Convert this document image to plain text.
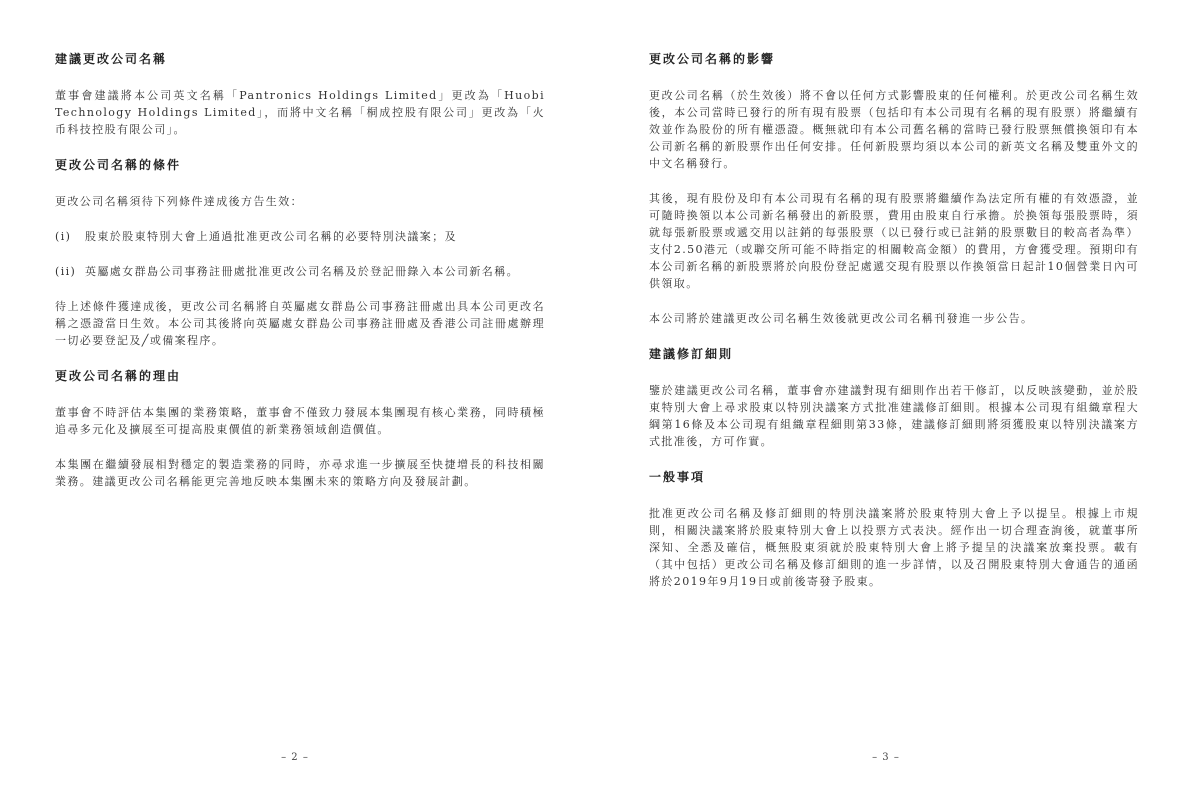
建議更改公司名稱

董事會建議將本公司英文名稱「Pantronics Holdings Limited」更改為「Huobi Technology Holdings Limited」，而將中文名稱「桐成控股有限公司」更改為「火币科技控股有限公司」。

更改公司名稱的條件

更改公司名稱須待下列條件達成後方告生效：

(i)	股東於股東特別大會上通過批准更改公司名稱的必要特別決議案；及
(ii) 英屬處女群島公司事務註冊處批准更改公司名稱及於登記冊錄入本公司新名稱。

待上述條件獲達成後，更改公司名稱將自英屬處女群島公司事務註冊處出具本公司更改名稱之憑證當日生效。本公司其後將向英屬處女群島公司事務註冊處及香港公司註冊處辦理一切必要登記及╱或備案程序。

更改公司名稱的理由

董事會不時評估本集團的業務策略，董事會不僅致力發展本集團現有核心業務，同時積極追尋多元化及擴展至可提高股東價值的新業務領域創造價值。

本集團在繼續發展相對穩定的製造業務的同時，亦尋求進一步擴展至快捷增長的科技相關業務。建議更改公司名稱能更完善地反映本集團未來的策略方向及發展計劃。

– 2 –
更改公司名稱的影響

更改公司名稱（於生效後）將不會以任何方式影響股東的任何權利。於更改公司名稱生效後，本公司當時已發行的所有現有股票（包括印有本公司現有名稱的現有股票）將繼續有效並作為股份的所有權憑證。概無就印有本公司舊名稱的當時已發行股票無償換領印有本公司新名稱的新股票作出任何安排。任何新股票均須以本公司的新英文名稱及雙重外文的中文名稱發行。

其後，現有股份及印有本公司現有名稱的現有股票將繼續作為法定所有權的有效憑證，並可隨時換領以本公司新名稱發出的新股票，費用由股東自行承擔。於換領每張股票時，須就每張新股票或遞交用以註銷的每張股票（以已發行或已註銷的股票數目的較高者為準）支付2.50港元（或聯交所可能不時指定的相關較高金額）的費用，方會獲受理。預期印有本公司新名稱的新股票將於向股份登記處遞交現有股票以作換領當日起計10個營業日內可供領取。

本公司將於建議更改公司名稱生效後就更改公司名稱刊發進一步公告。

建議修訂細則

鑒於建議更改公司名稱，董事會亦建議對現有細則作出若干修訂，以反映該變動，並於股東特別大會上尋求股東以特別決議案方式批准建議修訂細則。根據本公司現有組織章程大綱第16條及本公司現有組織章程細則第33條，建議修訂細則將須獲股東以特別決議案方式批准後，方可作實。

一般事項

批准更改公司名稱及修訂細則的特別決議案將於股東特別大會上予以提呈。根據上市規則，相關決議案將於股東特別大會上以投票方式表決。經作出一切合理查詢後，就董事所深知、全悉及確信，概無股東須就於股東特別大會上將予提呈的決議案放棄投票。載有（其中包括）更改公司名稱及修訂細則的進一步詳情，以及召開股東特別大會通告的通函將於2019年9月19日或前後寄發予股東。

– 3 –
